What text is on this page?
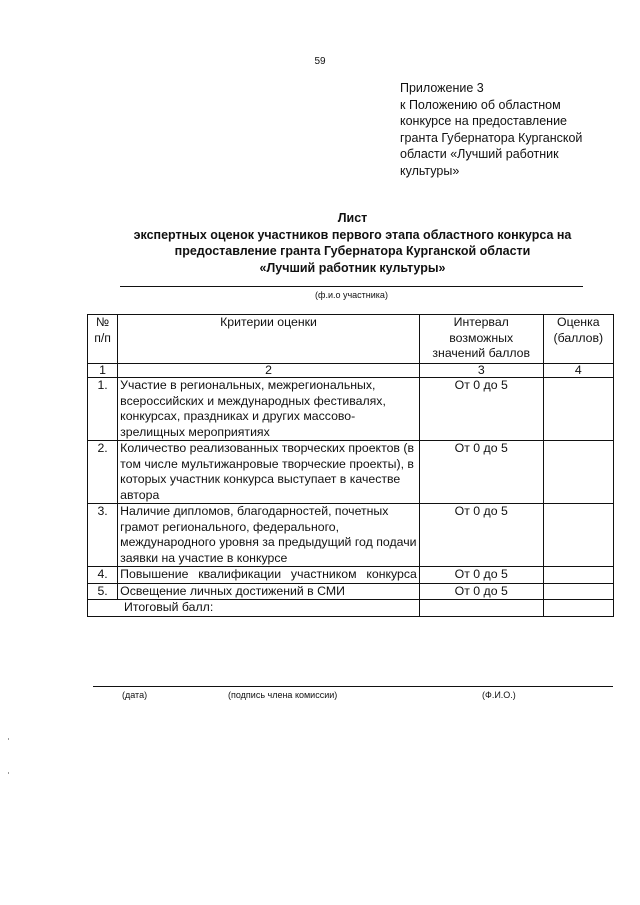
59
Приложение 3
к Положению об областном
конкурсе на предоставление
гранта Губернатора Курганской
области «Лучший работник
культуры»
Лист
экспертных оценок участников первого этапа областного конкурса на
предоставление гранта Губернатора Курганской области
«Лучший работник культуры»
(ф.и.о участника)
№ п/п	Критерии оценки	Интервал возможных значений баллов	Оценка (баллов)
1	2	3	4
1.	Участие в региональных, межрегиональных, всероссийских и международных фестивалях, конкурсах, праздниках и других массово-зрелищных мероприятиях	От 0 до 5	
2.	Количество реализованных творческих проектов (в том числе мультижанровые творческие проекты), в которых участник конкурса выступает в качестве автора	От 0 до 5	
3.	Наличие дипломов, благодарностей, почетных грамот регионального, федерального, международного уровня за предыдущий год подачи заявки на участие в конкурсе	От 0 до 5	
4.	Повышение квалификации участником конкурса	От 0 до 5	
5.	Освещение личных достижений в СМИ	От 0 до 5	
Итоговый балл:			
(дата)	(подпись члена комиссии)	(Ф.И.О.)
